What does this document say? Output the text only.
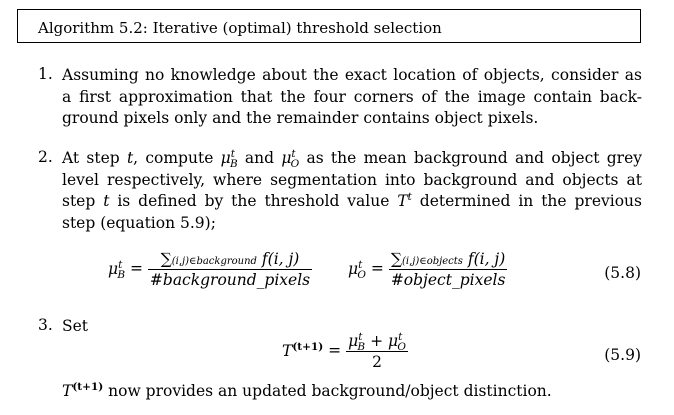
Algorithm 5.2: Iterative (optimal) threshold selection
1. Assuming no knowledge about the exact location of objects, consider as
a first approximation that the four corners of the image contain back-
ground pixels only and the remainder contains object pixels.
2. At step t, compute $\mu^t_B$ and $\mu^t_O$ as the mean background and object grey
level respectively, where segmentation into background and objects at
step t is defined by the threshold value $T^t$ determined in the previous
step (equation 5.9);
$\mu^t_B = \frac{\text{∑(i,j)∈background f(i, j)}}{\text{\#background\_pixels}} \mu^t_O = \frac{\text{∑(i,j)∈objects f(i, j)}}{\text{\#object\_pixels}}$	(5.8)
3. Set
$T^{(t+1)} = \frac{\mu^t_B + \mu^t_O}{2}$	(5.9)
$T^{(t+1)}$ now provides an updated background/object distinction.
